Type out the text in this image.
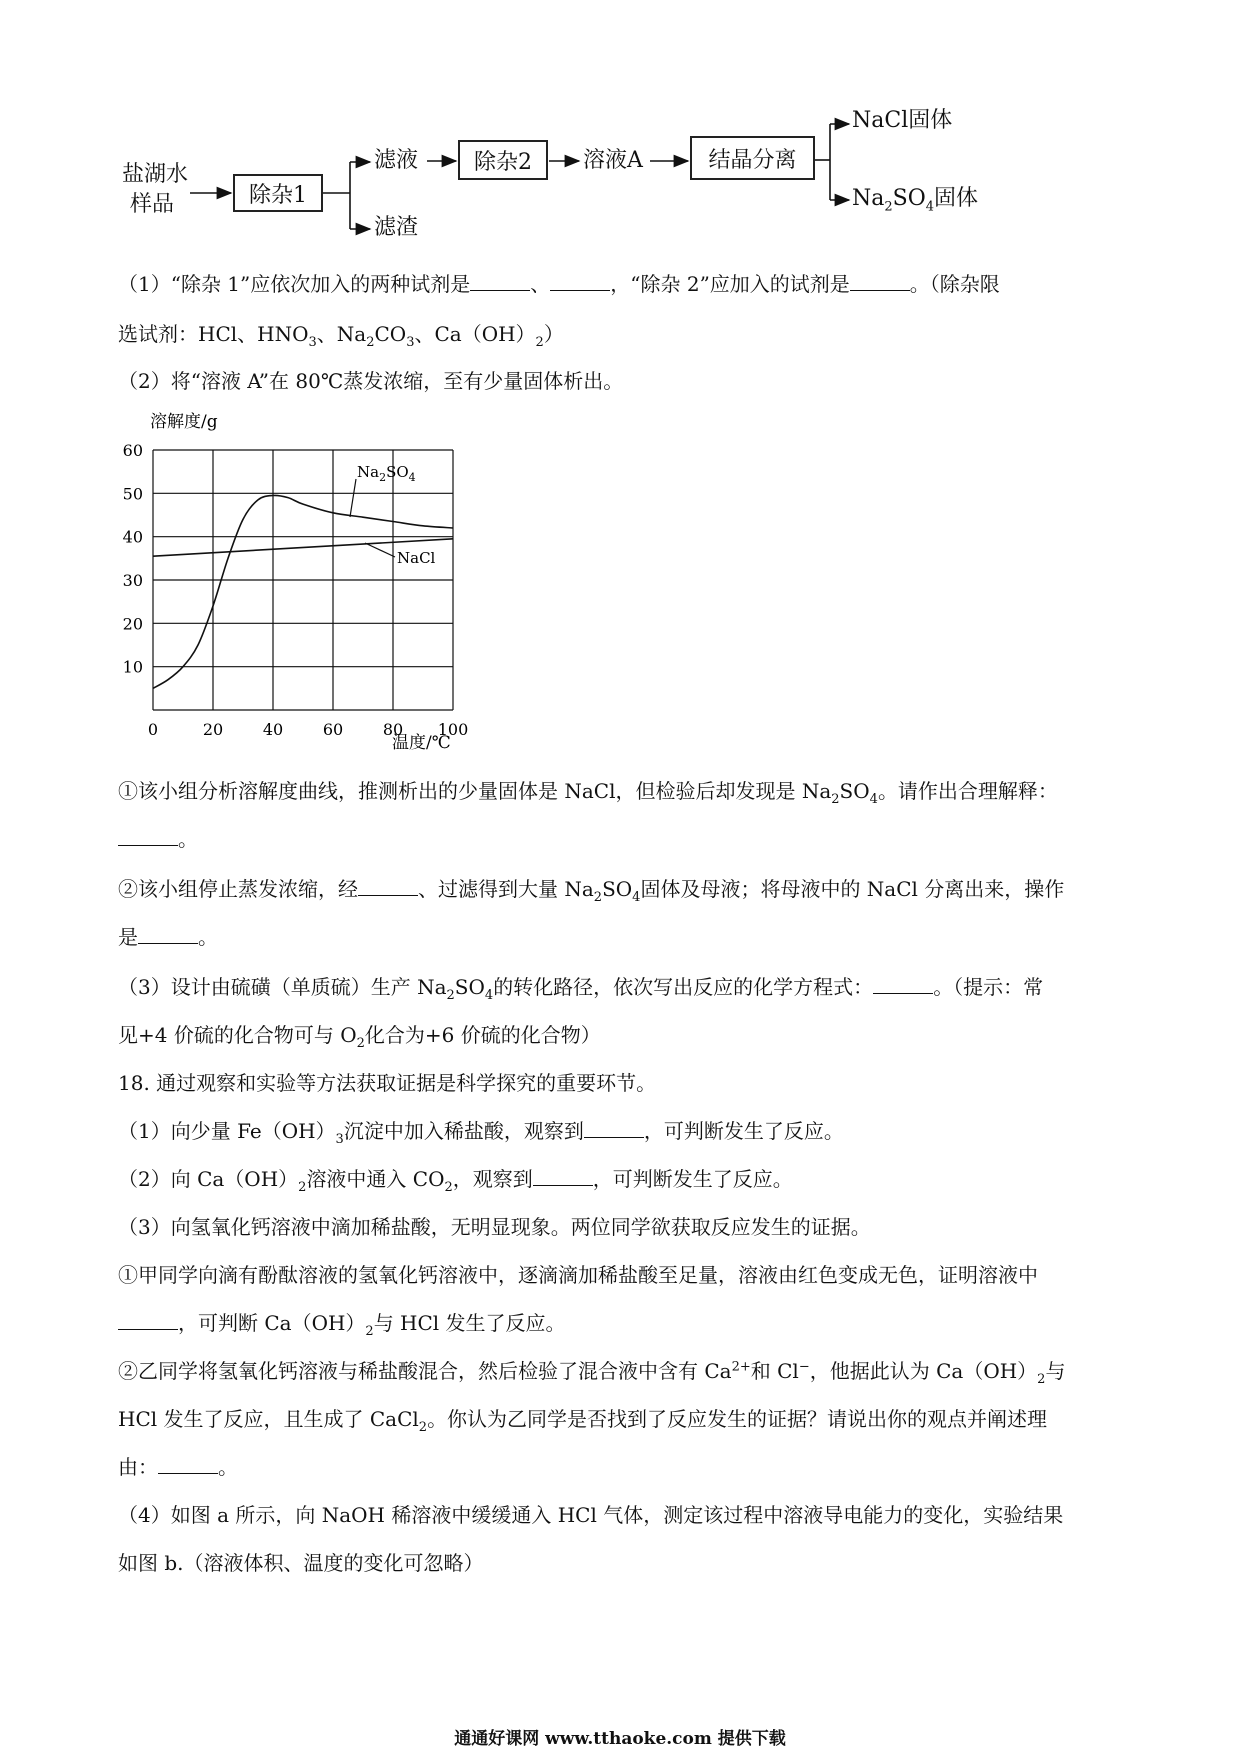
盐湖水
样品	除杂1
滤液
滤渣
除杂2	溶液A	结晶分离
NaCl固体
$Na_2SO_4$固体
（1）“除杂 1”应依次加入的两种试剂是	、	，“除杂 2”应加入的试剂是	。（除杂限
选试剂：HCl、$HNO_3$、$Na_2CO_3$、$Ca(OH)_2$）
（2）将“溶液 A”在 80℃蒸发浓缩，至有少量固体析出。
溶解度/g
温度/℃
0	20 40 60 80 100
10
20
30
40
50
60
$Na_2SO_4$
NaCl
①该小组分析溶解度曲线，推测析出的少量固体是 NaCl，但检验后却发现是 $Na_2SO_4$。请作出合理解释：
。
②该小组停止蒸发浓缩，经	、过滤得到大量 $Na_2SO_4$固体及母液；将母液中的 NaCl 分离出来，操作
是	。
（3）设计由硫磺（单质硫）生产 $Na_2SO_4$的转化路径，依次写出反应的化学方程式：	。（提示：常
见+4 价硫的化合物可与 $O_2$化合为+6 价硫的化合物）
18. 通过观察和实验等方法获取证据是科学探究的重要环节。
（1）向少量 $Fe(OH)_3$沉淀中加入稀盐酸，观察到	，可判断发生了反应。
（2）向 $Ca(OH)_2$溶液中通入 $CO_2$，观察到	，可判断发生了反应。
（3）向氢氧化钙溶液中滴加稀盐酸，无明显现象。两位同学欲获取反应发生的证据。
①甲同学向滴有酚酞溶液的氢氧化钙溶液中，逐滴滴加稀盐酸至足量，溶液由红色变成无色，证明溶液中
，可判断 $Ca(OH)_2$与 HCl 发生了反应。
②乙同学将氢氧化钙溶液与稀盐酸混合，然后检验了混合液中含有 $Ca^{2+}$和 Cl−，他据此认为 $Ca(OH)_2$与
HCl 发生了反应，且生成了 CaCl$_2$。你认为乙同学是否找到了反应发生的证据？请说出你的观点并阐述理
由：	。
（4）如图 a 所示，向 NaOH 稀溶液中缓缓通入 HCl 气体，测定该过程中溶液导电能力的变化，实验结果
如图 b.（溶液体积、温度的变化可忽略）
通通好课网 www.tthaoke.com 提供下载
